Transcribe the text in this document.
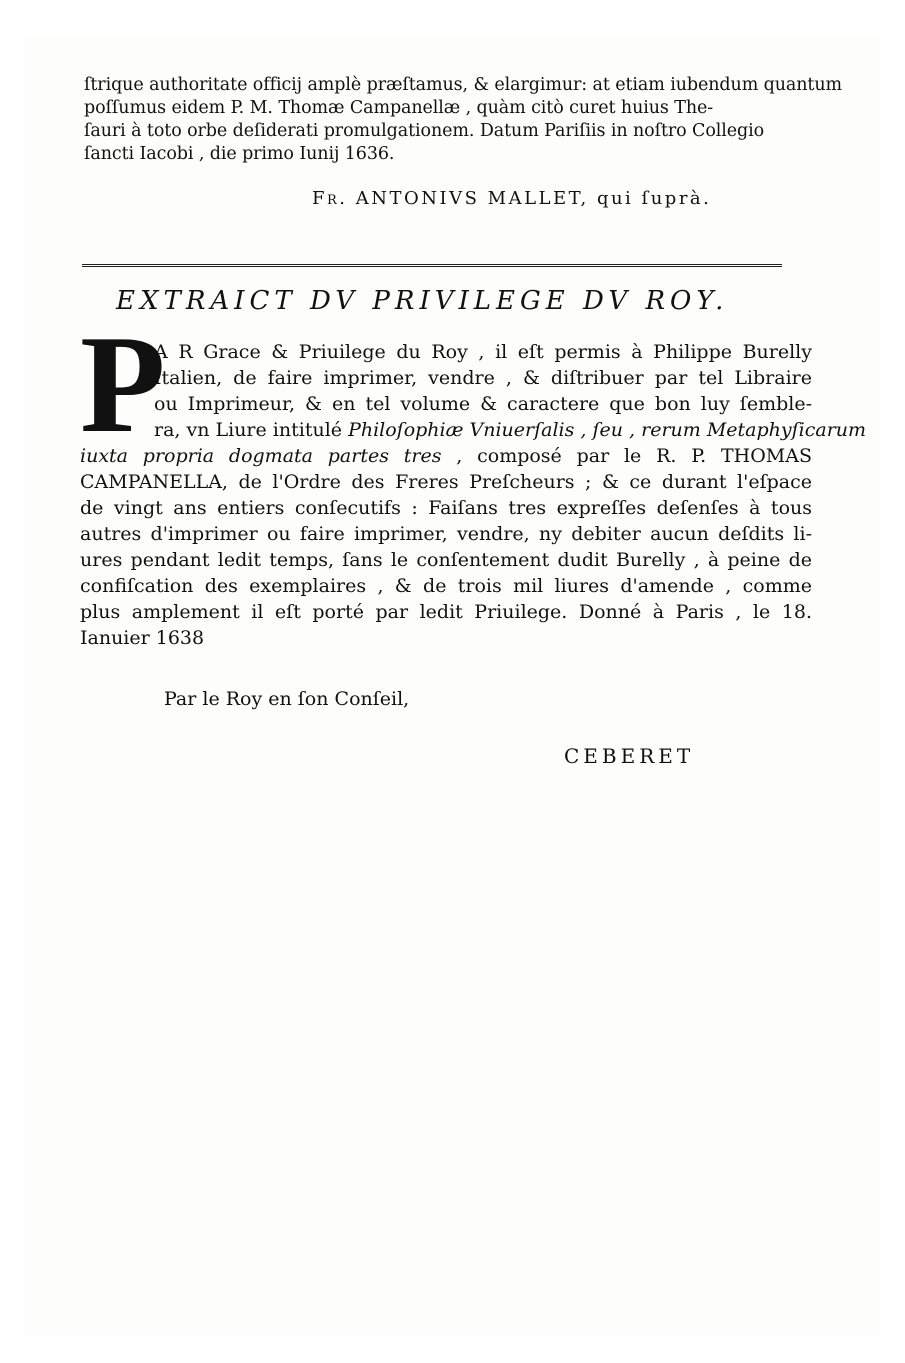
ſtrique authoritate officij amplè præſtamus, & elargimur: at etiam iubendum quantum
poſſumus eidem P. M. Thomæ Campanellæ , quàm citò curet huius The-
ſauri à toto orbe deſiderati promulgationem. Datum Pariſiis in noſtro Collegio
ſancti Iacobi , die primo Iunij 1636.
Fr. ANTONIVS MALLET, qui ſuprà.
EXTRAICT DV PRIVILEGE DV ROY.
P
A R Grace & Priuilege du Roy , il eſt permis à Philippe Burelly
Italien, de faire imprimer, vendre , & diſtribuer par tel Libraire
ou Imprimeur, & en tel volume & caractere que bon luy ſemble-
ra, vn Liure intitulé Philoſophiæ Vniuerſalis , ſeu , rerum Metaphyſicarum
iuxta propria dogmata partes tres , composé par le R. P. THOMAS
CAMPANELLA, de l'Ordre des Freres Preſcheurs ; & ce durant l'eſpace
de vingt ans entiers conſecutifs : Faiſans tres expreſſes deſenſes à tous
autres d'imprimer ou faire imprimer, vendre, ny debiter aucun deſdits li-
ures pendant ledit temps, ſans le conſentement dudit Burelly , à peine de
confiſcation des exemplaires , & de trois mil liures d'amende , comme
plus amplement il eſt porté par ledit Priuilege. Donné à Paris , le 18.
Ianuier 1638
Par le Roy en ſon Conſeil,
CEBERET
